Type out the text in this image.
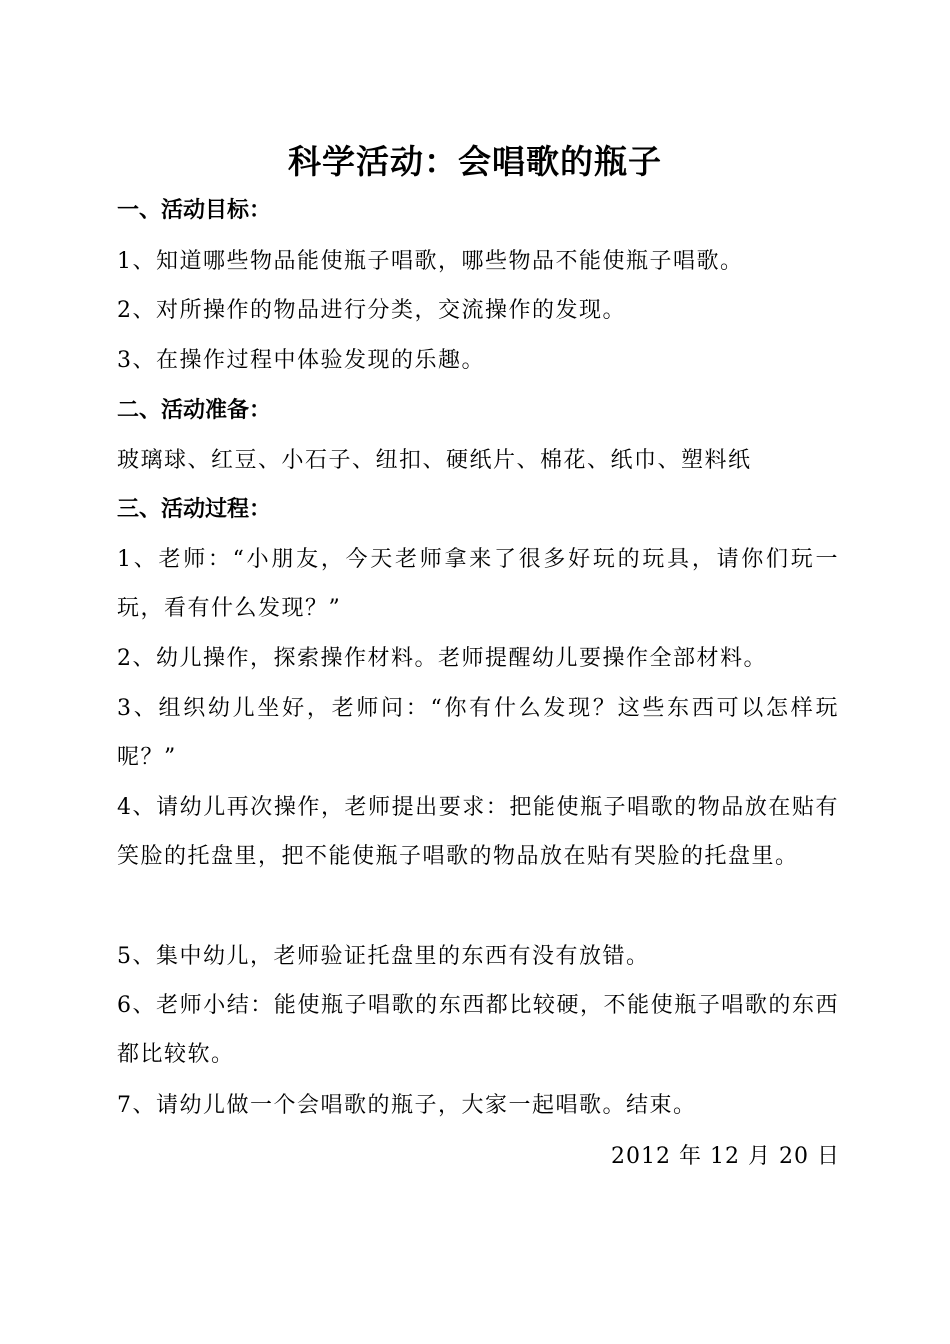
科学活动：会唱歌的瓶子
一、活动目标：
1、知道哪些物品能使瓶子唱歌，哪些物品不能使瓶子唱歌。
2、对所操作的物品进行分类，交流操作的发现。
3、在操作过程中体验发现的乐趣。
二、活动准备：
玻璃球、红豆、小石子、纽扣、硬纸片、棉花、纸巾、塑料纸
三、活动过程：
1、老师：“小朋友，今天老师拿来了很多好玩的玩具，请你们玩一玩，看有什么发现？”
2、幼儿操作，探索操作材料。老师提醒幼儿要操作全部材料。
3、组织幼儿坐好，老师问：“你有什么发现？这些东西可以怎样玩呢？”
4、请幼儿再次操作，老师提出要求：把能使瓶子唱歌的物品放在贴有笑脸的托盘里，把不能使瓶子唱歌的物品放在贴有哭脸的托盘里。
5、集中幼儿，老师验证托盘里的东西有没有放错。
6、老师小结：能使瓶子唱歌的东西都比较硬，不能使瓶子唱歌的东西都比较软。
7、请幼儿做一个会唱歌的瓶子，大家一起唱歌。结束。
2012 年 12 月 20 日
